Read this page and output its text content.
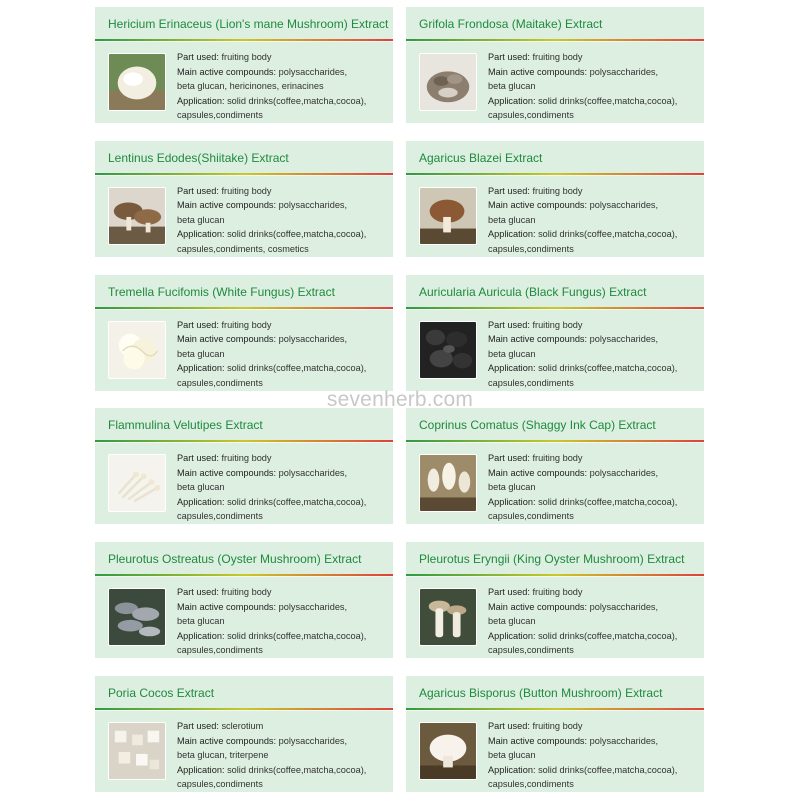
Hericium Erinaceus (Lion's mane Mushroom) Extract

Part used: fruiting body

Main active compounds: polysaccharides,

beta glucan, hericinones, erinacines

Application: solid drinks(coffee,matcha,cocoa),

capsules,condiments

Grifola Frondosa (Maitake) Extract

Part used: fruiting body

Main active compounds: polysaccharides,

beta glucan

Application: solid drinks(coffee,matcha,cocoa),

capsules,condiments

Lentinus Edodes(Shiitake) Extract

Part used: fruiting body

Main active compounds: polysaccharides,

beta glucan

Application: solid drinks(coffee,matcha,cocoa),

capsules,condiments, cosmetics

Agaricus Blazei Extract

Part used: fruiting body

Main active compounds: polysaccharides,

beta glucan

Application: solid drinks(coffee,matcha,cocoa),

capsules,condiments

Tremella Fucifomis (White Fungus) Extract

Part used: fruiting body

Main active compounds: polysaccharides,

beta glucan

Application: solid drinks(coffee,matcha,cocoa),

capsules,condiments

Auricularia Auricula (Black Fungus) Extract

Part used: fruiting body

Main active compounds: polysaccharides,

beta glucan

Application: solid drinks(coffee,matcha,cocoa),

capsules,condiments

Flammulina Velutipes Extract

Part used: fruiting body

Main active compounds: polysaccharides,

beta glucan

Application: solid drinks(coffee,matcha,cocoa),

capsules,condiments

Coprinus Comatus (Shaggy Ink Cap) Extract

Part used: fruiting body

Main active compounds: polysaccharides,

beta glucan

Application: solid drinks(coffee,matcha,cocoa),

capsules,condiments

Pleurotus Ostreatus (Oyster Mushroom) Extract

Part used: fruiting body

Main active compounds: polysaccharides,

beta glucan

Application: solid drinks(coffee,matcha,cocoa),

capsules,condiments

Pleurotus Eryngii (King Oyster Mushroom) Extract

Part used: fruiting body

Main active compounds: polysaccharides,

beta glucan

Application: solid drinks(coffee,matcha,cocoa),

capsules,condiments

Poria Cocos Extract

Part used: sclerotium

Main active compounds: polysaccharides,

beta glucan, triterpene

Application: solid drinks(coffee,matcha,cocoa),

capsules,condiments

Agaricus Bisporus (Button Mushroom) Extract

Part used: fruiting body

Main active compounds: polysaccharides,

beta glucan

Application: solid drinks(coffee,matcha,cocoa),

capsules,condiments

sevenherb.com
